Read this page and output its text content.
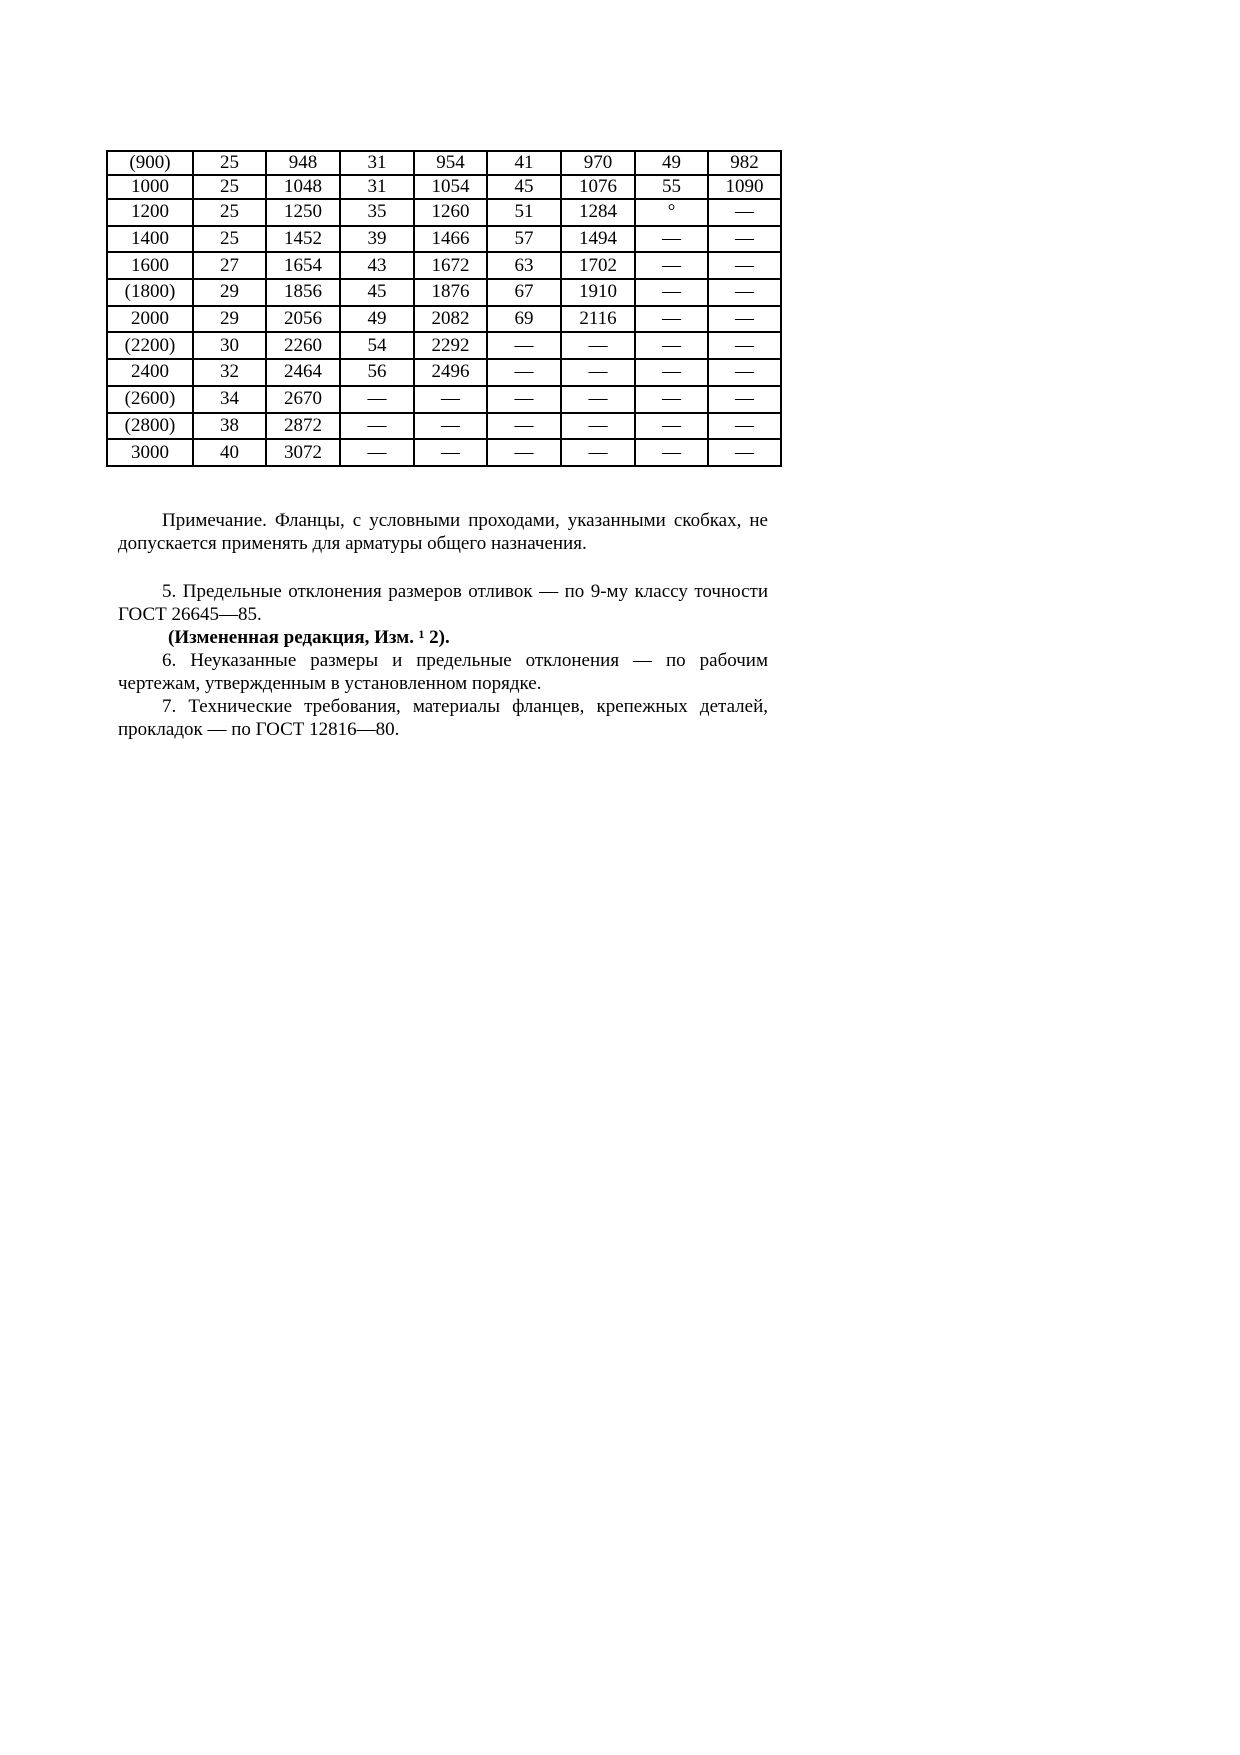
(900)	25	948	31	954	41	970	49	982
1000	25	1048	31	1054	45	1076	55	1090
1200	25	1250	35	1260	51	1284	°	—
1400	25	1452	39	1466	57	1494	—	—
1600	27	1654	43	1672	63	1702	—	—
(1800)	29	1856	45	1876	67	1910	—	—
2000	29	2056	49	2082	69	2116	—	—
(2200)	30	2260	54	2292	—	—	—	—
2400	32	2464	56	2496	—	—	—	—
(2600)	34	2670	—	—	—	—	—	—
(2800)	38	2872	—	—	—	—	—	—
3000	40	3072	—	—	—	—	—	—

Примечание. Фланцы, с условными проходами, указанными скобках, не допускается применять для арматуры общего назначения.

5. Предельные отклонения размеров отливок — по 9-му классу точности ГОСТ 26645—85.

(Измененная редакция, Изм. ¹ 2).

6. Неуказанные размеры и предельные отклонения — по рабочим чертежам, утвержденным в установленном порядке.

7. Технические требования, материалы фланцев, крепежных деталей, прокладок — по ГОСТ 12816—80.
